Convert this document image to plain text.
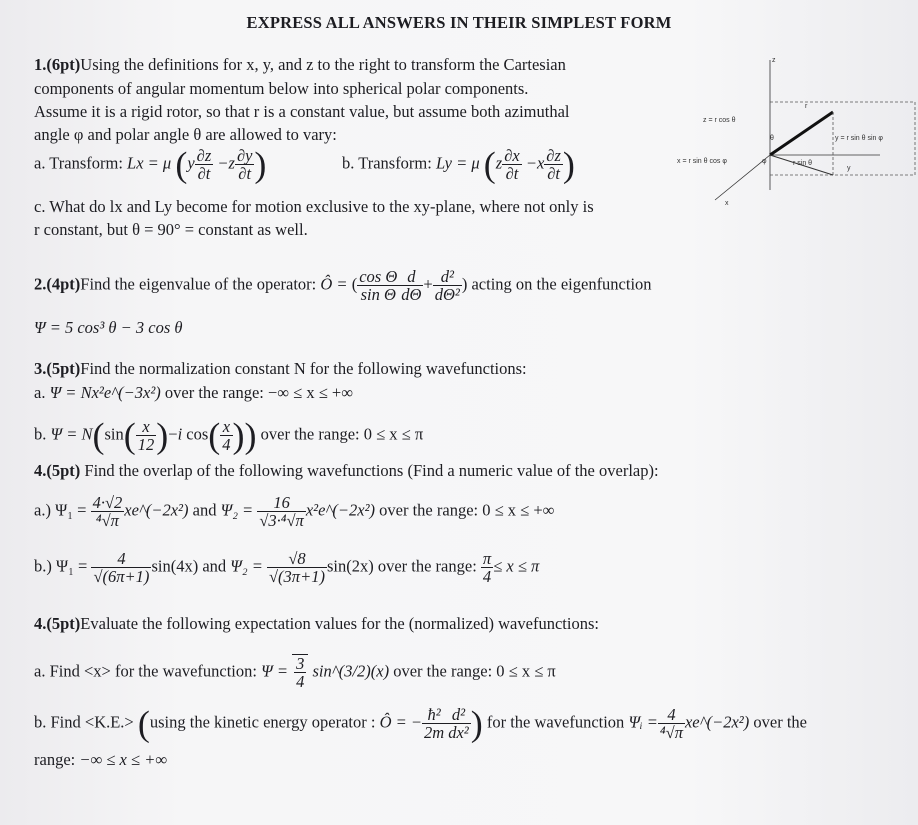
EXPRESS ALL ANSWERS IN THEIR SIMPLEST FORM
z
y
x
r
θ
φ
z = r cos θ
y = r sin θ sin φ
x = r sin θ cos φ	r sin θ
1.(6pt)Using the definitions for x, y, and z to the right to transform the Cartesian
components of angular momentum below into spherical polar components.
Assume it is a rigid rotor, so that r is a constant value, but assume both azimuthal
angle φ and polar angle θ are allowed to vary:
a. Transform: Lx = μ ($y \frac{\partial z}{\partial t} -z \frac{\partial y}{\partial t}$ )	b. Transform: Ly = μ ($z \frac{\partial x}{\partial t} -x \frac{\partial z}{\partial t}$ )
c. What do lx and Ly become for motion exclusive to the xy-plane, where not only is
r constant, but θ = 90° = constant as well.
2.(4pt)Find the eigenvalue of the operator: Ô = ( $\frac{\text{cos Θ}}{\text{sin Θ}} \frac{d}{d\Theta} + \frac{\text{d²}}{\text{dΘ²}}$ ) acting on the eigenfunction
Ψ = 5 cos³ θ − 3 cos θ
3.(5pt)Find the normalization constant N for the following wavefunctions:
a. Ψ = Nx²e^(−3x²) over the range: −∞ ≤ x ≤ +∞
b. $\Psi = N(\sin( \frac{x}{12} )-i$ $\cos( \frac{x}{4}$ )) over the range: 0 ≤ x ≤ π
4.(5pt) Find the overlap of the following wavefunctions (Find a numeric value of the overlap):
a.) $\Psi_1 = \frac{4\cdot√2}{\text{⁴√π}}$ xe^(−2x²) and $\Psi_2 = \frac{16}{\text{√3·⁴√π}}$ x²e^(−2x²) over the range: 0 ≤ x ≤ +∞
b.) $\Psi_1 = \frac{4}{√(6\pi+1)} \sin(4x)$ and $\Psi_2 = \frac{√8}{√(3\pi+1)} \sin(2x)$ over the range: $\frac{\pi}{4} \le x \le \pi$
4.(5pt)Evaluate the following expectation values for the (normalized) wavefunctions:
a. Find <x> for the wavefunction: $\Psi = \frac{3}{4}$ sin^(3/2)(x) over the range: 0 ≤ x ≤ π
b. Find <K.E.> (using the kinetic energy operator : Ô = − $\frac{\text{ħ²}}{2m} \frac{\text{d²}}{\text{dx²}}$ ) for the wavefunction Ψᵢ = $\frac{4}{\text{⁴√π}}$ xe^(−2x²) over the
range: −∞ ≤ x ≤ +∞
